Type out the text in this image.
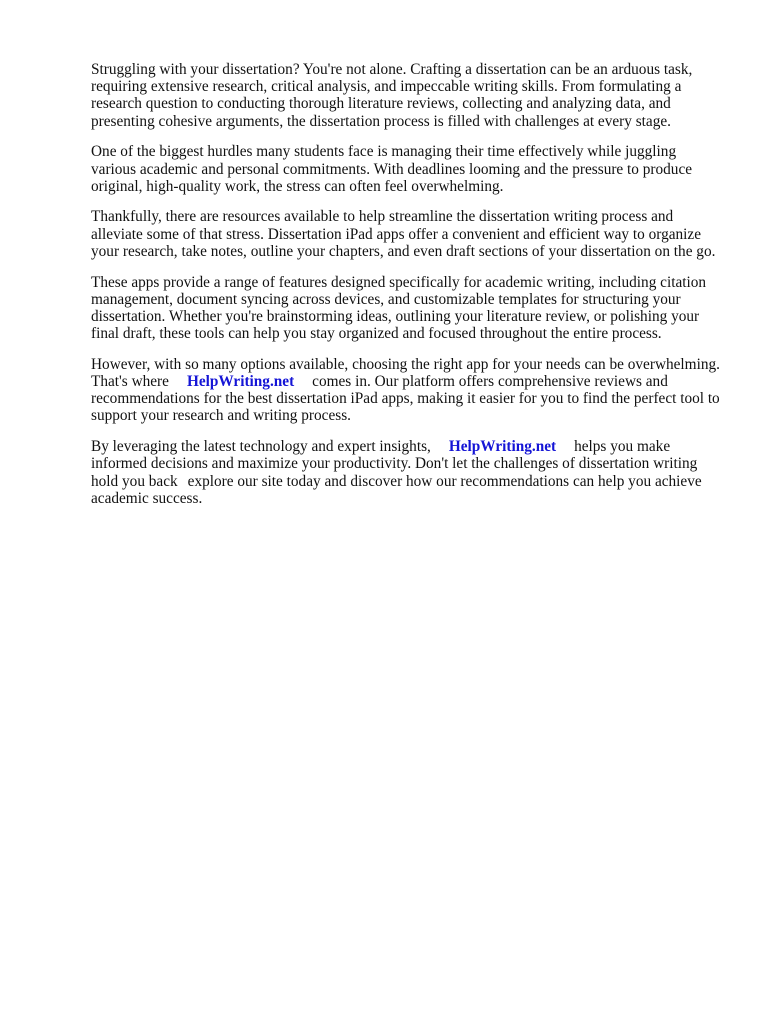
Struggling with your dissertation? You're not alone. Crafting a dissertation can be an arduous task, requiring extensive research, critical analysis, and impeccable writing skills. From formulating a research question to conducting thorough literature reviews, collecting and analyzing data, and presenting cohesive arguments, the dissertation process is filled with challenges at every stage.

One of the biggest hurdles many students face is managing their time effectively while juggling various academic and personal commitments. With deadlines looming and the pressure to produce original, high-quality work, the stress can often feel overwhelming.

Thankfully, there are resources available to help streamline the dissertation writing process and alleviate some of that stress. Dissertation iPad apps offer a convenient and efficient way to organize your research, take notes, outline your chapters, and even draft sections of your dissertation on the go.

These apps provide a range of features designed specifically for academic writing, including citation management, document syncing across devices, and customizable templates for structuring your dissertation. Whether you're brainstorming ideas, outlining your literature review, or polishing your final draft, these tools can help you stay organized and focused throughout the entire process.

However, with so many options available, choosing the right app for your needs can be overwhelming. That's where HelpWriting.net comes in. Our platform offers comprehensive reviews and recommendations for the best dissertation iPad apps, making it easier for you to find the perfect tool to support your research and writing process.

By leveraging the latest technology and expert insights, HelpWriting.net helps you make informed decisions and maximize your productivity. Don't let the challenges of dissertation writing hold you back explore our site today and discover how our recommendations can help you achieve academic success.
